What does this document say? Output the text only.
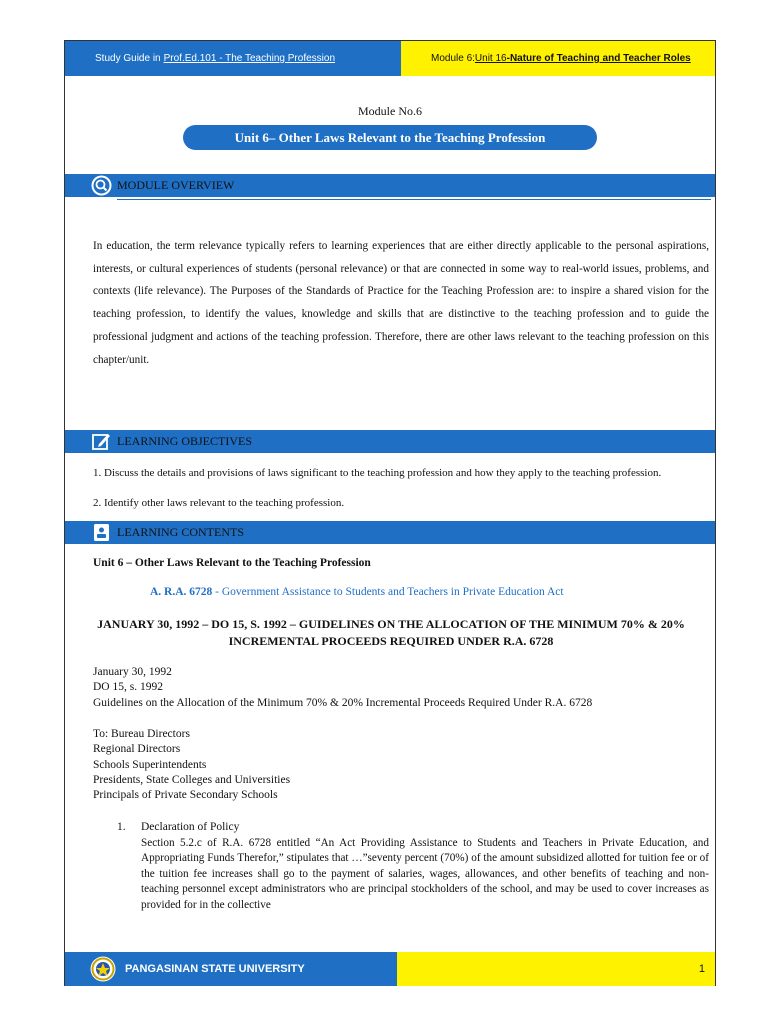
Study Guide in Prof.Ed.101 - The Teaching Profession	Module 6: Unit 16 -Nature of Teaching and Teacher Roles
Module No.6
Unit 6– Other Laws Relevant to the Teaching Profession
MODULE OVERVIEW

In education, the term relevance typically refers to learning experiences that are either directly applicable to the personal aspirations, interests, or cultural experiences of students (personal relevance) or that are connected in some way to real-world issues, problems, and contexts (life relevance). The Purposes of the Standards of Practice for the Teaching Profession are: to inspire a shared vision for the teaching profession, to identify the values, knowledge and skills that are distinctive to the teaching profession and to guide the professional judgment and actions of the teaching profession. Therefore, there are other laws relevant to the teaching profession on this chapter/unit.

LEARNING OBJECTIVES

1. Discuss the details and provisions of laws significant to the teaching profession and how they apply to the teaching profession.

2. Identify other laws relevant to the teaching profession.

LEARNING CONTENTS
Unit 6 – Other Laws Relevant to the Teaching Profession
A. R.A. 6728 - Government Assistance to Students and Teachers in Private Education Act
JANUARY 30, 1992 – DO 15, S. 1992 – GUIDELINES ON THE ALLOCATION OF THE MINIMUM 70% & 20% INCREMENTAL PROCEEDS REQUIRED UNDER R.A. 6728
January 30, 1992
DO 15, s. 1992
Guidelines on the Allocation of the Minimum 70% & 20% Incremental Proceeds Required Under R.A. 6728
To: Bureau Directors
Regional Directors
Schools Superintendents
Presidents, State Colleges and Universities
Principals of Private Secondary Schools
1. Declaration of Policy
Section 5.2.c of R.A. 6728 entitled “An Act Providing Assistance to Students and Teachers in Private Education, and Appropriating Funds Therefor,” stipulates that …”seventy percent (70%) of the amount subsidized allotted for tuition fee or of the tuition fee increases shall go to the payment of salaries, wages, allowances, and other benefits of teaching and non-teaching personnel except administrators who are principal stockholders of the school, and may be used to cover increases as provided for in the collective
PANGASINAN STATE UNIVERSITY	1
